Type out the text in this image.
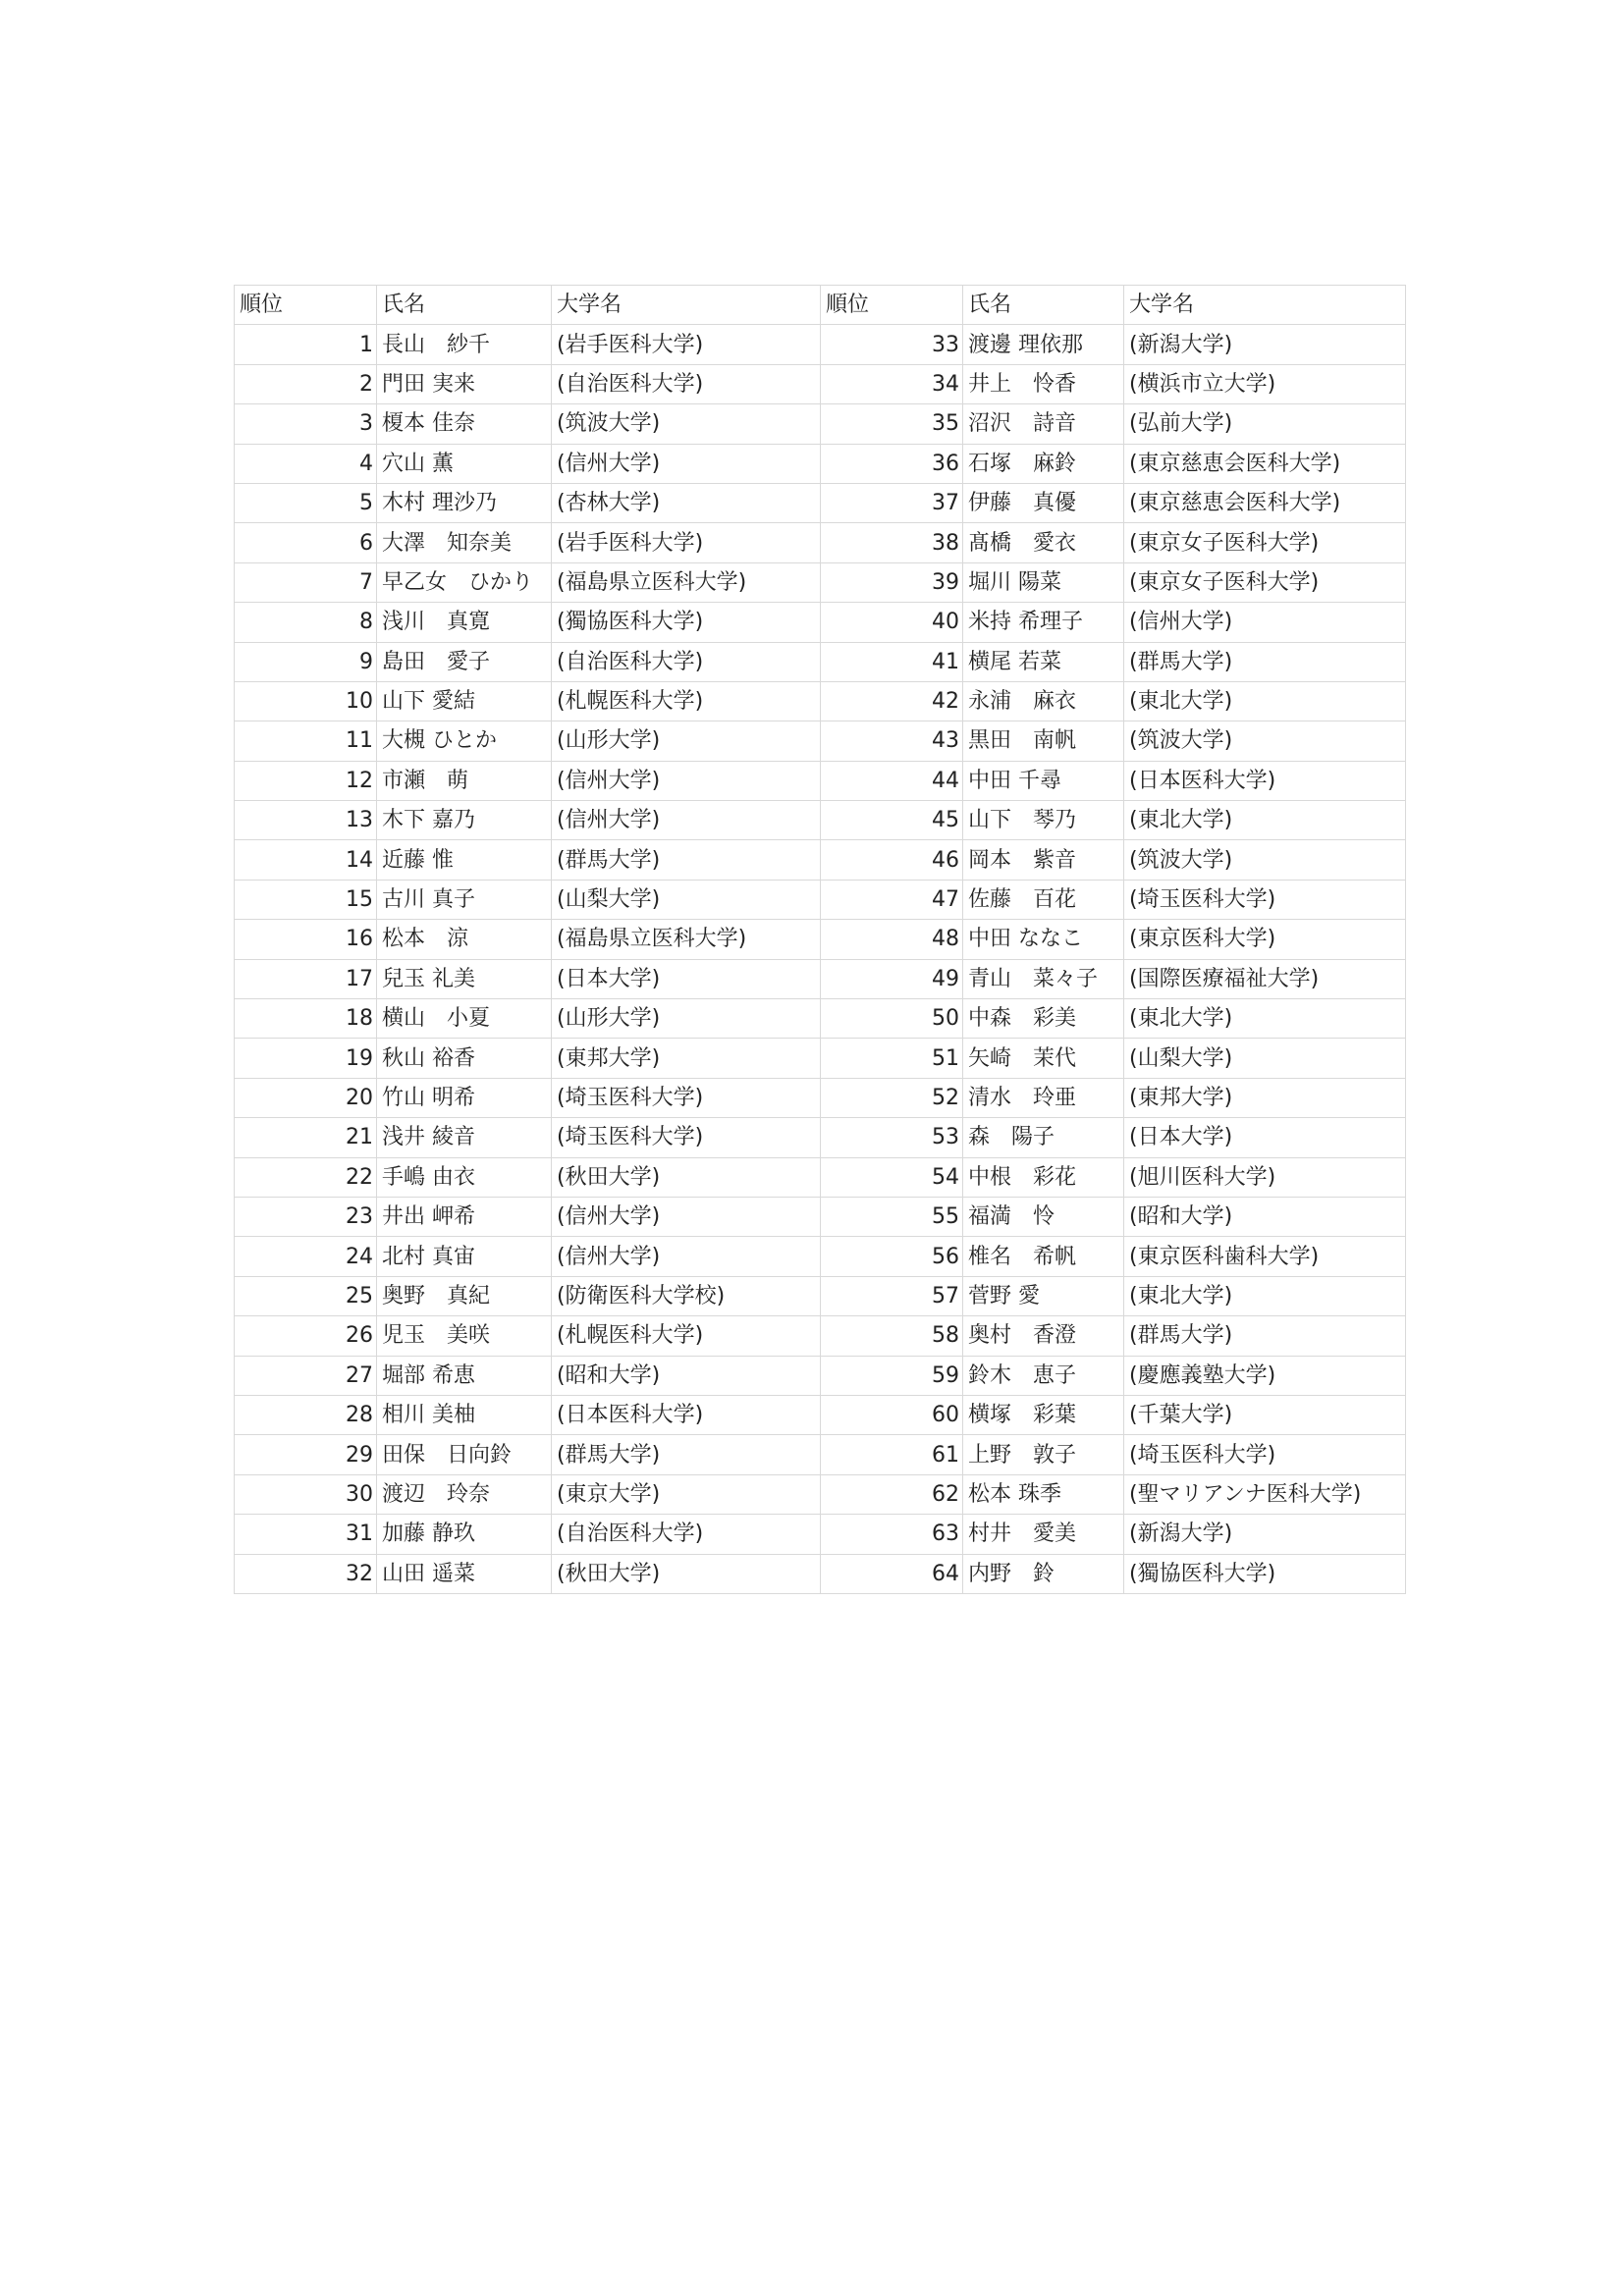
順位	氏名	大学名	順位	氏名	大学名
1	長山　紗千	(岩手医科大学)	33	渡邊 理依那	(新潟大学)
2	門田 実来	(自治医科大学)	34	井上　怜香	(横浜市立大学)
3	榎本 佳奈	(筑波大学)	35	沼沢　詩音	(弘前大学)
4	穴山 薫	(信州大学)	36	石塚　麻鈴	(東京慈恵会医科大学)
5	木村 理沙乃	(杏林大学)	37	伊藤　真優	(東京慈恵会医科大学)
6	大澤　知奈美	(岩手医科大学)	38	髙橋　愛衣	(東京女子医科大学)
7	早乙女　ひかり	(福島県立医科大学)	39	堀川 陽菜	(東京女子医科大学)
8	浅川　真寛	(獨協医科大学)	40	米持 希理子	(信州大学)
9	島田　愛子	(自治医科大学)	41	横尾 若菜	(群馬大学)
10	山下 愛結	(札幌医科大学)	42	永浦　麻衣	(東北大学)
11	大槻 ひとか	(山形大学)	43	黒田　南帆	(筑波大学)
12	市瀬　萌	(信州大学)	44	中田 千尋	(日本医科大学)
13	木下 嘉乃	(信州大学)	45	山下　琴乃	(東北大学)
14	近藤 惟	(群馬大学)	46	岡本　紫音	(筑波大学)
15	古川 真子	(山梨大学)	47	佐藤　百花	(埼玉医科大学)
16	松本　涼	(福島県立医科大学)	48	中田 ななこ	(東京医科大学)
17	兒玉 礼美	(日本大学)	49	青山　菜々子	(国際医療福祉大学)
18	横山　小夏	(山形大学)	50	中森　彩美	(東北大学)
19	秋山 裕香	(東邦大学)	51	矢崎　茉代	(山梨大学)
20	竹山 明希	(埼玉医科大学)	52	清水　玲亜	(東邦大学)
21	浅井 綾音	(埼玉医科大学)	53	森　陽子	(日本大学)
22	手嶋 由衣	(秋田大学)	54	中根　彩花	(旭川医科大学)
23	井出 岬希	(信州大学)	55	福満　怜	(昭和大学)
24	北村 真宙	(信州大学)	56	椎名　希帆	(東京医科歯科大学)
25	奥野　真紀	(防衛医科大学校)	57	菅野 愛	(東北大学)
26	児玉　美咲	(札幌医科大学)	58	奥村　香澄	(群馬大学)
27	堀部 希恵	(昭和大学)	59	鈴木　恵子	(慶應義塾大学)
28	相川 美柚	(日本医科大学)	60	横塚　彩葉	(千葉大学)
29	田保　日向鈴	(群馬大学)	61	上野　敦子	(埼玉医科大学)
30	渡辺　玲奈	(東京大学)	62	松本 珠季	(聖マリアンナ医科大学)
31	加藤 静玖	(自治医科大学)	63	村井　愛美	(新潟大学)
32	山田 遥菜	(秋田大学)	64	内野　鈴	(獨協医科大学)
